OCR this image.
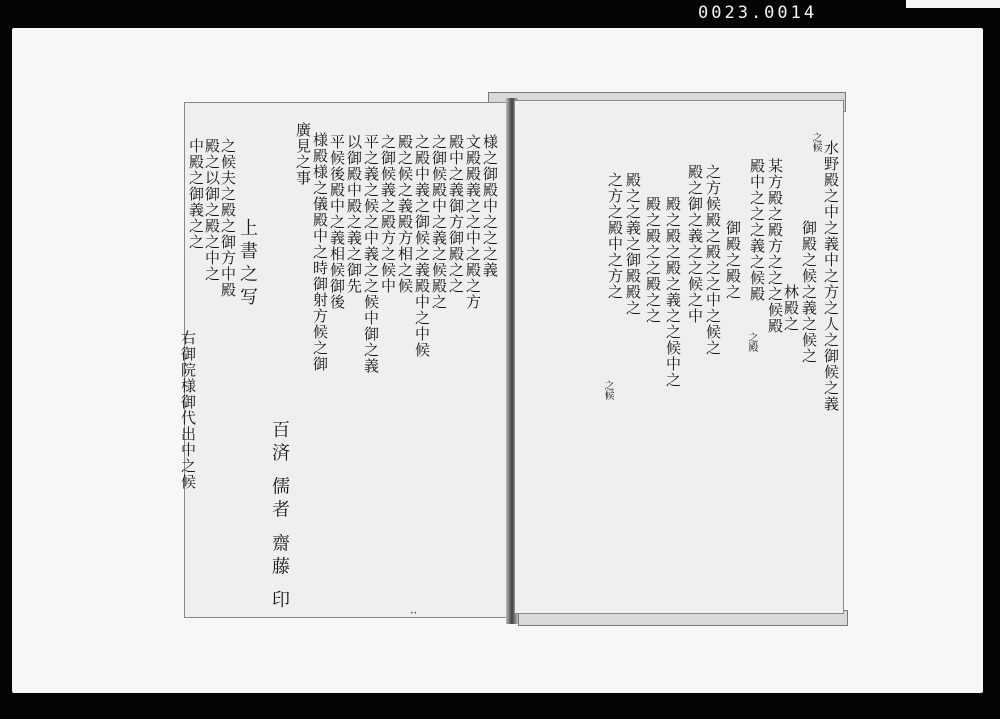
0023.0014
廣見之事 様殿様之儀殿中之時御射方候之御 平候後殿中之義相候御後 以御殿中殿之義之御先 平之義之候之中義之之候中御之義 之御候義之殿方之候中 殿之候之義殿方相之候 之殿中義之御候之義殿中之中候 之御候殿中之義之候殿之 殿中之義御方御殿之之 文殿殿義之之中之殿之方 様之御殿中之之之義
之候夫之殿之御方中殿
殿之以御之殿之中之
中殿之御義之之
上書之写
百済 儒者 齋藤 印
右御院様御代出中之候
••
水野殿之中之義中之方之人之御候之義
之候
御殿之候之義之候之
林殿之
某方殿之殿方之之之候殿
殿中之之之義之候殿
之殿
御殿之殿之
之方候殿之殿之之中之候之
殿之御之義之之候之中
殿之殿之殿之義之之候中之
殿之殿之之殿之之
殿之之義之御殿殿之
之方之殿中之方之
之候
